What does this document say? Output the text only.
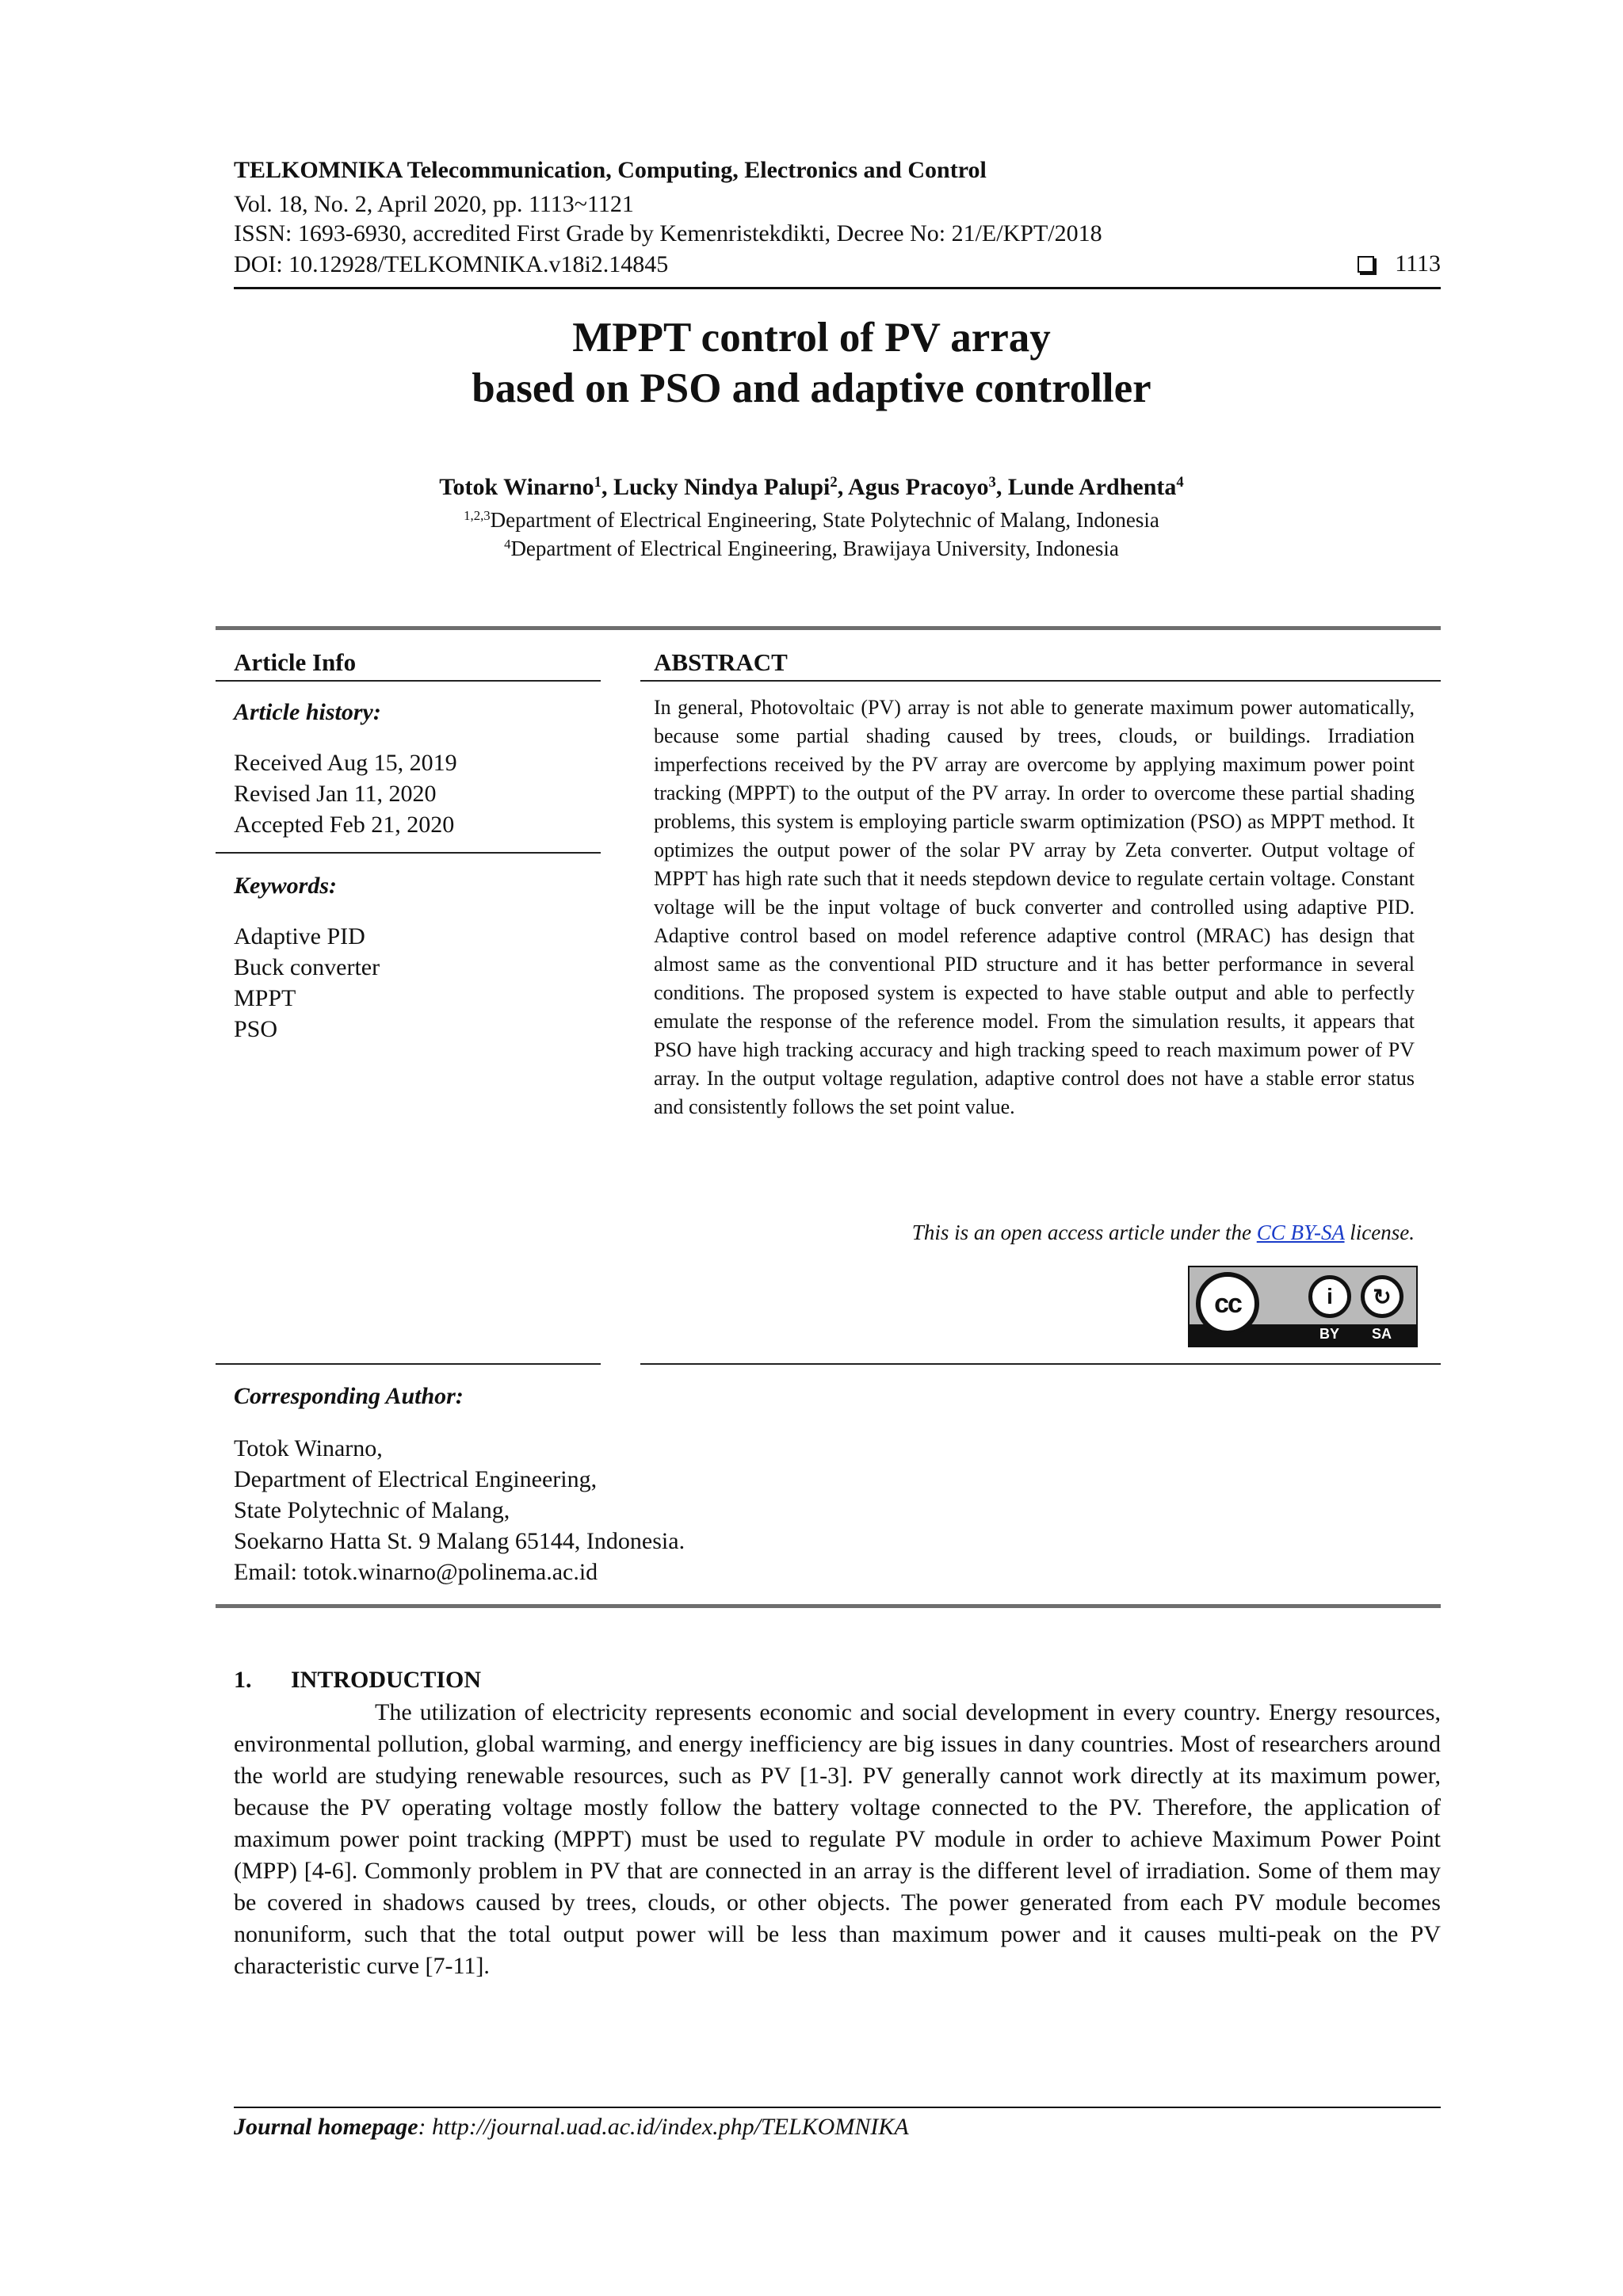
TELKOMNIKA Telecommunication, Computing, Electronics and Control
Vol. 18, No. 2, April 2020, pp. 1113~1121
ISSN: 1693-6930, accredited First Grade by Kemenristekdikti, Decree No: 21/E/KPT/2018
DOI: 10.12928/TELKOMNIKA.v18i2.14845	1113
MPPT control of PV array
based on PSO and adaptive controller
Totok Winarno$^1$, Lucky Nindya Palupi$^2$, Agus Pracoyo$^3$, Lunde Ardhenta$^4$
$^{1,2,3}$Department of Electrical Engineering, State Polytechnic of Malang, Indonesia
$^4$Department of Electrical Engineering, Brawijaya University, Indonesia
Article Info
Article history:
Received Aug 15, 2019
Revised Jan 11, 2020
Accepted Feb 21, 2020
Keywords:
Adaptive PID
Buck converter
MPPT
PSO
ABSTRACT
In general, Photovoltaic (PV) array is not able to generate maximum power automatically, because some partial shading caused by trees, clouds, or buildings. Irradiation imperfections received by the PV array are overcome by applying maximum power point tracking (MPPT) to the output of the PV array. In order to overcome these partial shading problems, this system is employing particle swarm optimization (PSO) as MPPT method. It optimizes the output power of the solar PV array by Zeta converter. Output voltage of MPPT has high rate such that it needs stepdown device to regulate certain voltage. Constant voltage will be the input voltage of buck converter and controlled using adaptive PID. Adaptive control based on model reference adaptive control (MRAC) has design that almost same as the conventional PID structure and it has better performance in several conditions. The proposed system is expected to have stable output and able to perfectly emulate the response of the reference model. From the simulation results, it appears that PSO have high tracking accuracy and high tracking speed to reach maximum power of PV array. In the output voltage regulation, adaptive control does not have a stable error status and consistently follows the set point value.
This is an open access article under the CC BY-SA license.
cc	i	↻
BY SA
Corresponding Author:
Totok Winarno,
Department of Electrical Engineering,
State Polytechnic of Malang,
Soekarno Hatta St. 9 Malang 65144, Indonesia.
Email: totok.winarno@polinema.ac.id
1. INTRODUCTION
The utilization of electricity represents economic and social development in every country. Energy resources, environmental pollution, global warming, and energy inefficiency are big issues in dany countries. Most of researchers around the world are studying renewable resources, such as PV [1-3]. PV generally cannot work directly at its maximum power, because the PV operating voltage mostly follow the battery voltage connected to the PV. Therefore, the application of maximum power point tracking (MPPT) must be used to regulate PV module in order to achieve Maximum Power Point (MPP) [4-6]. Commonly problem in PV that are connected in an array is the different level of irradiation. Some of them may be covered in shadows caused by trees, clouds, or other objects. The power generated from each PV module becomes nonuniform, such that the total output power will be less than maximum power and it causes multi-peak on the PV characteristic curve [7-11].
Journal homepage: http://journal.uad.ac.id/index.php/TELKOMNIKA
